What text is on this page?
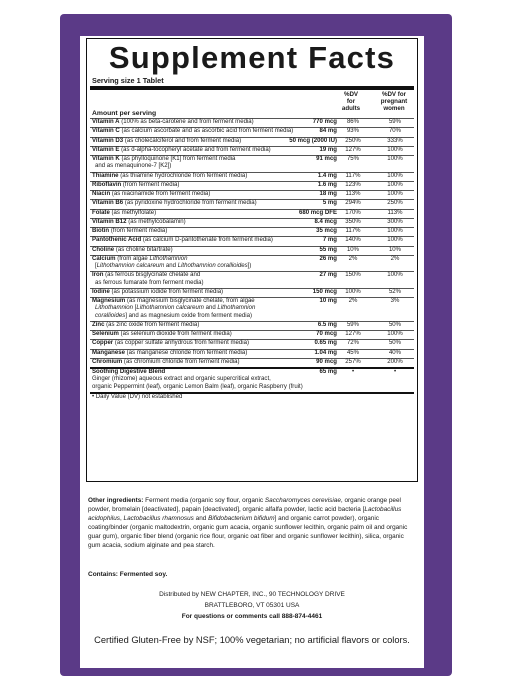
Supplement Facts
Serving size 1 Tablet
%DV
for
adults
%DV for
pregnant
women
Amount per serving
Vitamin A (100% as beta-carotene and from ferment media)	770 mcg	86%	59%
Vitamin C (as calcium ascorbate and as ascorbic acid from ferment media)	84 mg	93%	70%
Vitamin D3 (as cholecalciferol and from ferment media)	50 mcg (2000 IU)	250%	333%
Vitamin E (as d-alpha-tocopheryl acetate and from ferment media)	19 mg	127%	100%
Vitamin K (as phylloquinone [K1] from ferment media
and as menaquinone-7 [K2])
91 mcg	75%	100%
Thiamine (as thiamine hydrochloride from ferment media)	1.4 mg	117%	100%
Riboflavin (from ferment media)	1.6 mg	123%	100%
Niacin (as niacinamide from ferment media)	18 mg	113%	100%
Vitamin B6 (as pyridoxine hydrochloride from ferment media)	5 mg	294%	250%
Folate (as methylfolate)	680 mcg DFE	170%	113%
Vitamin B12 (as methylcobalamin)	8.4 mcg	350%	300%
Biotin (from ferment media)	35 mcg	117%	100%
Pantothenic Acid (as calcium D-pantothenate from ferment media)	7 mg	140%	100%
Choline (as choline bitartrate)	55 mg	10%	10%
Calcium (from algae Lithothamnion
[Lithothamnion calcareum and Lithothamnion corallioides])
26 mg	2%	2%
Iron (as ferrous bisglycinate chelate and
as ferrous fumarate from ferment media)
27 mg	150%	100%
Iodine (as potassium iodide from ferment media)	150 mcg	100%	52%
Magnesium (as magnesium bisglycinate chelate, from algae
Lithothamnion [Lithothamnion calcareum and Lithothamnion
corallioides] and as magnesium oxide from ferment media)
10 mg	2%	3%
Zinc (as zinc oxide from ferment media)	6.5 mg	59%	50%
Selenium (as selenium dioxide from ferment media)	70 mcg	127%	100%
Copper (as copper sulfate anhydrous from ferment media)	0.65 mg	72%	50%
Manganese (as manganese chloride from ferment media)	1.04 mg	45%	40%
Chromium (as chromium chloride from ferment media)	90 mcg	257%	200%
Soothing Digestive Blend
Ginger (rhizome) aqueous extract and organic supercritical extract,
organic Peppermint (leaf), organic Lemon Balm (leaf), organic Raspberry (fruit)
65 mg	•	•
• Daily Value (DV) not established
Other ingredients: Ferment media (organic soy flour, organic Saccharomyces cerevisiae, organic orange peel powder, bromelain [deactivated], papain [deactivated], organic alfalfa powder, lactic acid bacteria [Lactobacillus acidophilus, Lactobacillus rhamnosus and Bifidobacterium bifidum] and organic carrot powder), organic coating/binder (organic maltodextrin, organic gum acacia, organic sunflower lecithin, organic palm oil and organic guar gum), organic fiber blend (organic rice flour, organic oat fiber and organic sunflower lecithin), silica, organic gum acacia, sodium alginate and pea starch.
Contains: Fermented soy.
Distributed by NEW CHAPTER, INC., 90 TECHNOLOGY DRIVE
BRATTLEBORO, VT 05301 USA
For questions or comments call 888-874-4461
Certified Gluten-Free by NSF; 100% vegetarian; no artificial flavors or colors.
